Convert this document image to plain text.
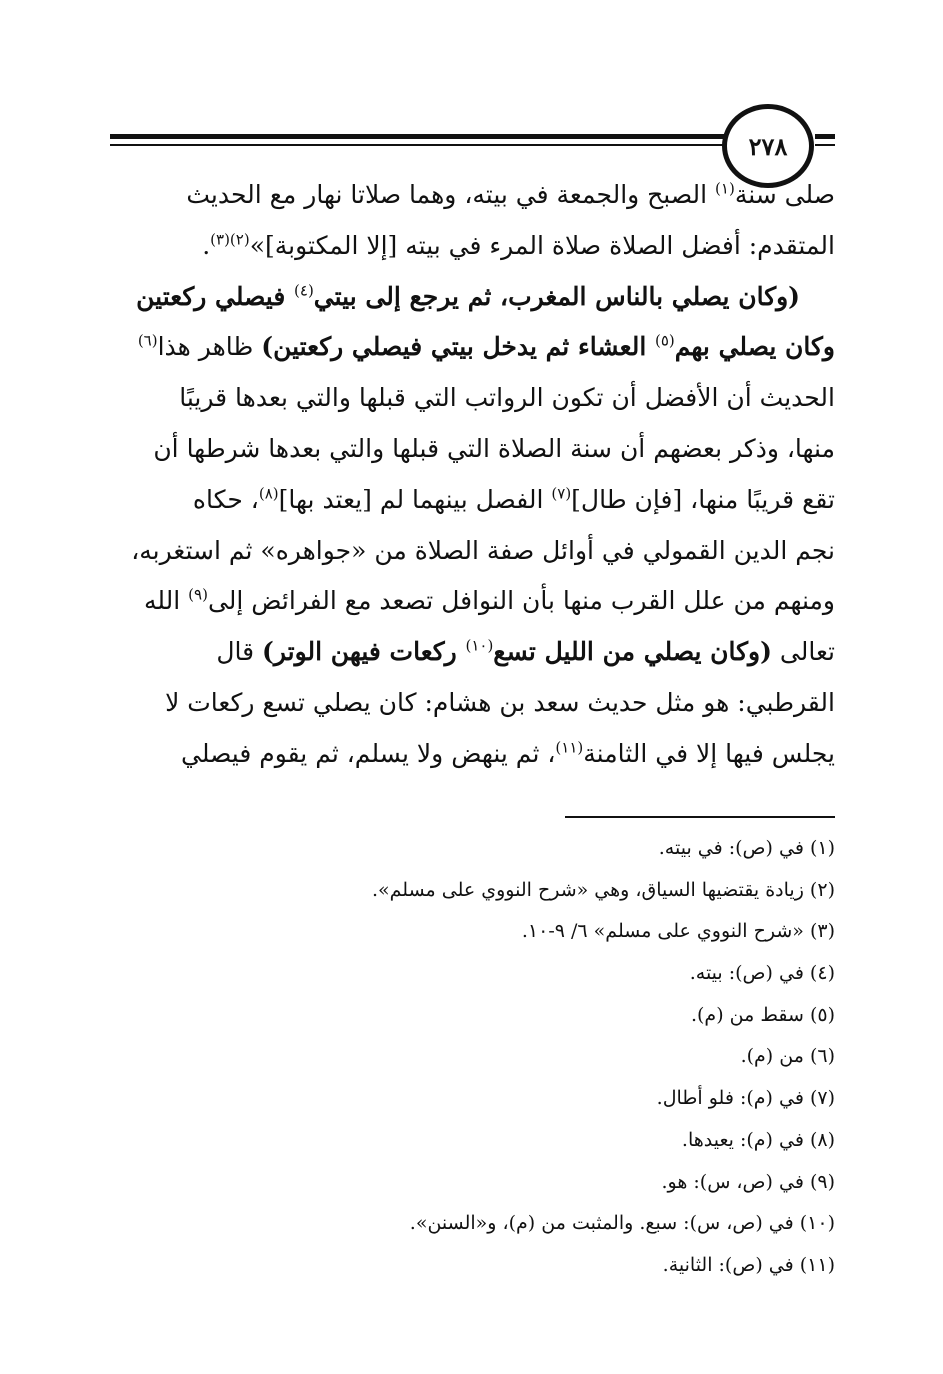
٢٧٨
صلى سنة$^{(١)}$ الصبح والجمعة في بيته، وهما صلاتا نهار مع الحديث
المتقدم: أفضل الصلاة صلاة المرء في بيته [إلا المكتوبة]»$^{(٢)(٣)}$.
(وكان يصلي بالناس المغرب، ثم يرجع إلى بيتي$^{(٤)}$ فيصلي ركعتين
وكان يصلي بهم$^{(٥)}$ العشاء ثم يدخل بيتي فيصلي ركعتين) ظاهر هذا$^{(٦)}$
الحديث أن الأفضل أن تكون الرواتب التي قبلها والتي بعدها قريبًا
منها، وذكر بعضهم أن سنة الصلاة التي قبلها والتي بعدها شرطها أن
تقع قريبًا منها، [فإن طال]$^{(٧)}$ الفصل بينهما لم [يعتد بها]$^{(٨)}$، حكاه
نجم الدين القمولي في أوائل صفة الصلاة من «جواهره» ثم استغربه،
ومنهم من علل القرب منها بأن النوافل تصعد مع الفرائض إلى$^{(٩)}$ الله
تعالى (وكان يصلي من الليل تسع$^{(١٠)}$ ركعات فيهن الوتر) قال
القرطبي: هو مثل حديث سعد بن هشام: كان يصلي تسع ركعات لا
يجلس فيها إلا في الثامنة$^{(١١)}$، ثم ينهض ولا يسلم، ثم يقوم فيصلي
(١) في (ص): في بيته.
(٢) زيادة يقتضيها السياق، وهي «شرح النووي على مسلم».
(٣) «شرح النووي على مسلم» ٦/ ٩-١٠.
(٤) في (ص): بيته.
(٥) سقط من (م).
(٦) من (م).
(٧) في (م): فلو أطال.
(٨) في (م): يعيدها.
(٩) في (ص، س): هو.
(١٠) في (ص، س): سبع. والمثبت من (م)، و«السنن».
(١١) في (ص): الثانية.
